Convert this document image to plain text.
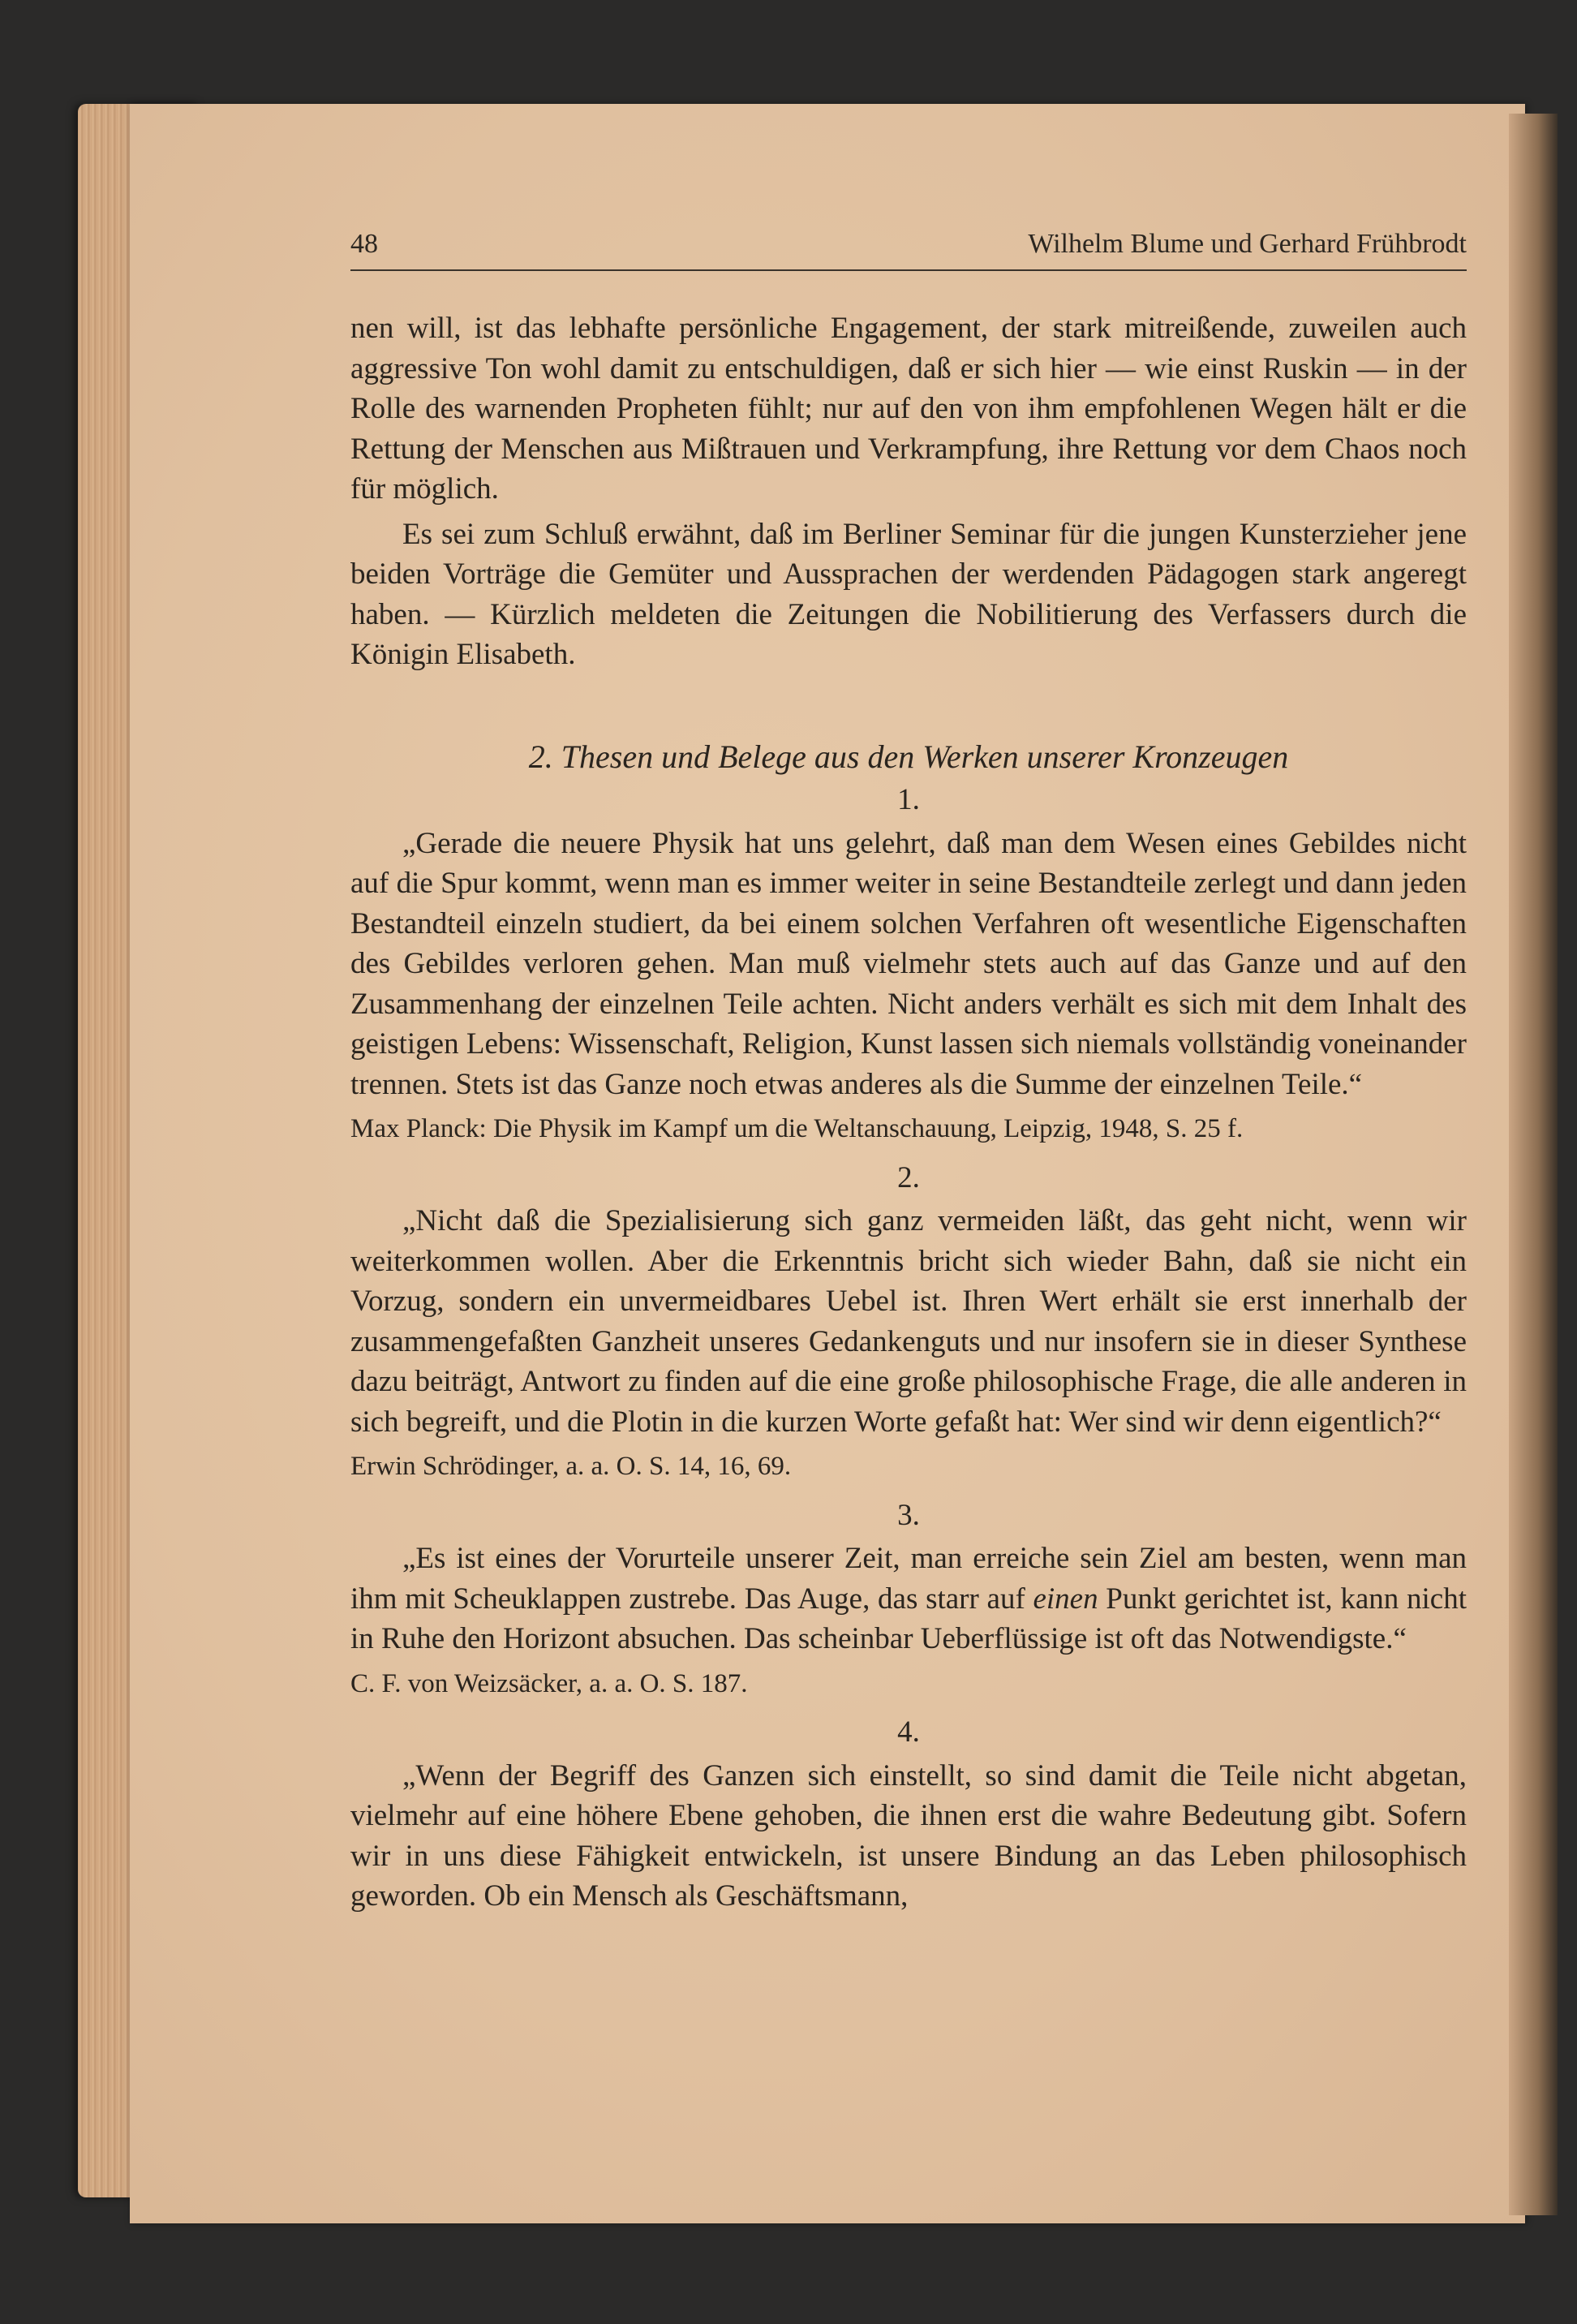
48	Wilhelm Blume und Gerhard Frühbrodt

nen will, ist das lebhafte persönliche Engagement, der stark mitreißende, zuweilen auch aggressive Ton wohl damit zu entschuldigen, daß er sich hier — wie einst Ruskin — in der Rolle des warnenden Propheten fühlt; nur auf den von ihm empfohlenen Wegen hält er die Rettung der Menschen aus Mißtrauen und Verkrampfung, ihre Rettung vor dem Chaos noch für möglich.

Es sei zum Schluß erwähnt, daß im Berliner Seminar für die jungen Kunsterzieher jene beiden Vorträge die Gemüter und Aussprachen der werdenden Pädagogen stark angeregt haben. — Kürzlich meldeten die Zeitungen die Nobilitierung des Verfassers durch die Königin Elisabeth.

2. Thesen und Belege aus den Werken unserer Kronzeugen

1.

„Gerade die neuere Physik hat uns gelehrt, daß man dem Wesen eines Gebildes nicht auf die Spur kommt, wenn man es immer weiter in seine Bestandteile zerlegt und dann jeden Bestandteil einzeln studiert, da bei einem solchen Verfahren oft wesentliche Eigenschaften des Gebildes verloren gehen. Man muß vielmehr stets auch auf das Ganze und auf den Zusammenhang der einzelnen Teile achten. Nicht anders verhält es sich mit dem Inhalt des geistigen Lebens: Wissenschaft, Religion, Kunst lassen sich niemals vollständig voneinander trennen. Stets ist das Ganze noch etwas anderes als die Summe der einzelnen Teile.“

Max Planck: Die Physik im Kampf um die Weltanschauung, Leipzig, 1948, S. 25 f.

2.

„Nicht daß die Spezialisierung sich ganz vermeiden läßt, das geht nicht, wenn wir weiterkommen wollen. Aber die Erkenntnis bricht sich wieder Bahn, daß sie nicht ein Vorzug, sondern ein unvermeidbares Uebel ist. Ihren Wert erhält sie erst innerhalb der zusammengefaßten Ganzheit unseres Gedankenguts und nur insofern sie in dieser Synthese dazu beiträgt, Antwort zu finden auf die eine große philosophische Frage, die alle anderen in sich begreift, und die Plotin in die kurzen Worte gefaßt hat: Wer sind wir denn eigentlich?“

Erwin Schrödinger, a. a. O. S. 14, 16, 69.

3.

„Es ist eines der Vorurteile unserer Zeit, man erreiche sein Ziel am besten, wenn man ihm mit Scheuklappen zustrebe. Das Auge, das starr auf einen Punkt gerichtet ist, kann nicht in Ruhe den Horizont absuchen. Das scheinbar Ueberflüssige ist oft das Notwendigste.“

C. F. von Weizsäcker, a. a. O. S. 187.

4.

„Wenn der Begriff des Ganzen sich einstellt, so sind damit die Teile nicht abgetan, vielmehr auf eine höhere Ebene gehoben, die ihnen erst die wahre Bedeutung gibt. Sofern wir in uns diese Fähigkeit entwickeln, ist unsere Bindung an das Leben philosophisch geworden. Ob ein Mensch als Geschäftsmann,
